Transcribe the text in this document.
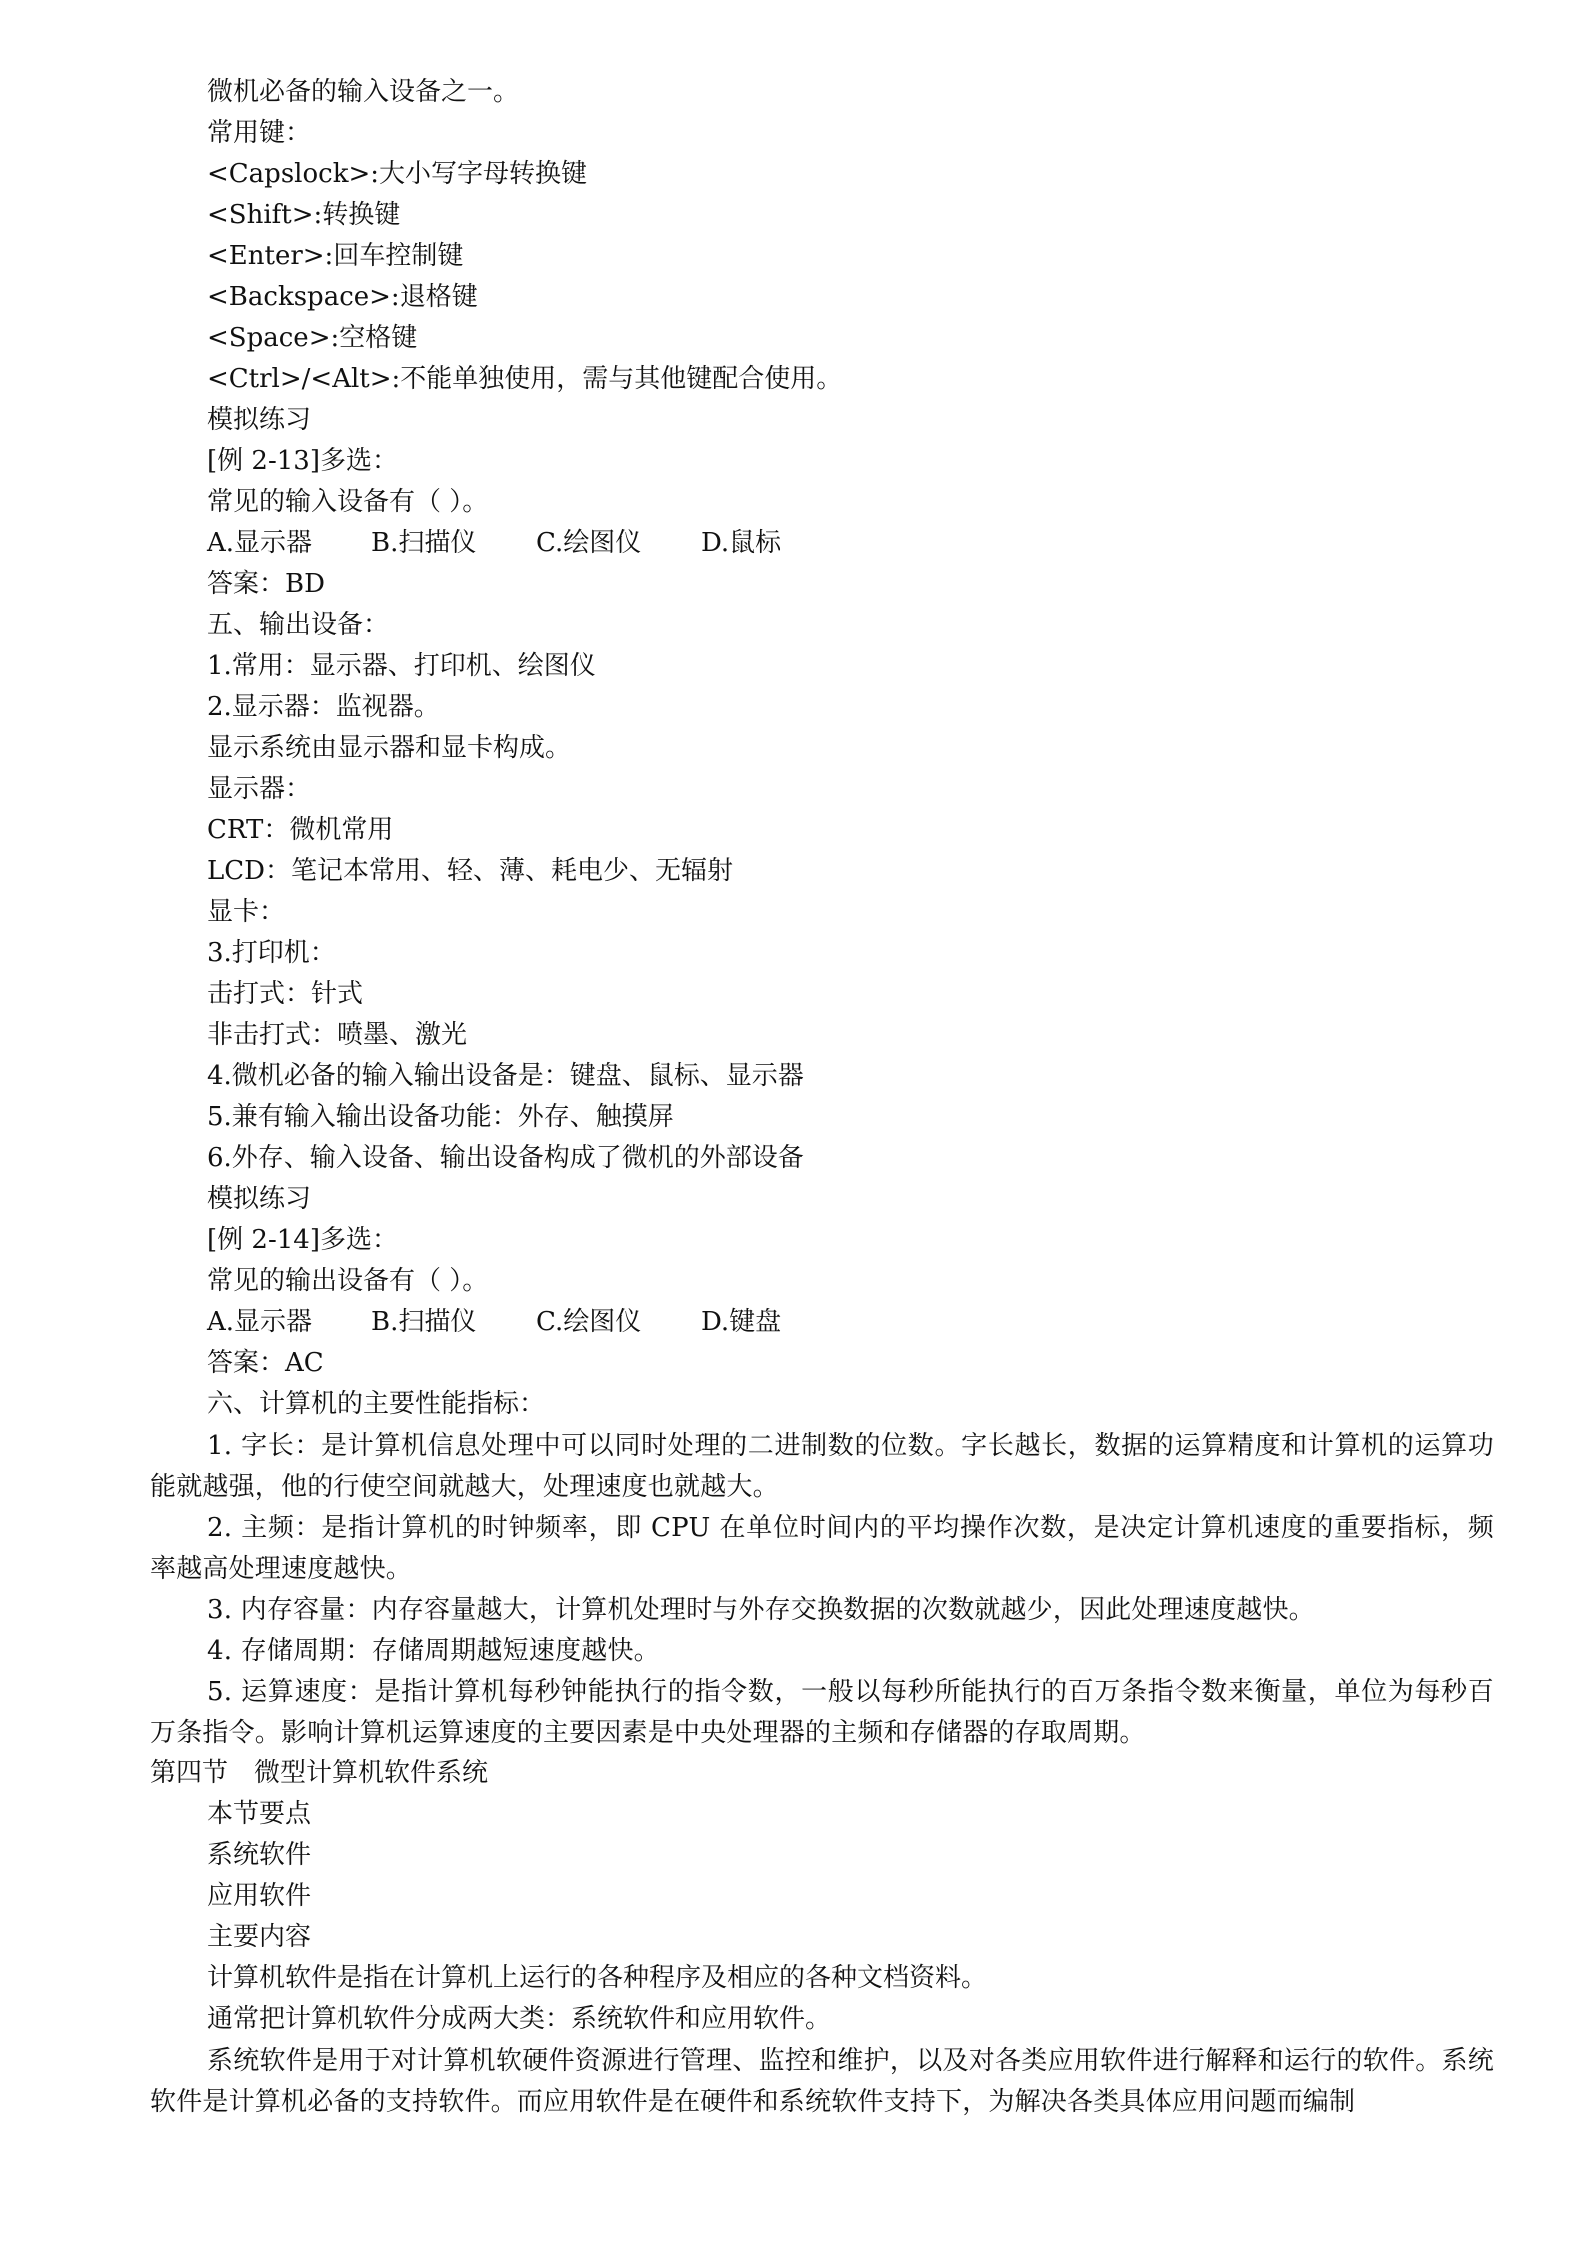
微机必备的输入设备之一。
常用键：
<Capslock>:大小写字母转换键
<Shift>:转换键
<Enter>:回车控制键
<Backspace>:退格键
<Space>:空格键
<Ctrl>/<Alt>:不能单独使用，需与其他键配合使用。
模拟练习
[例 2-13]多选：
常见的输入设备有（ ）。
A.显示器 B.扫描仪 C.绘图仪 D.鼠标
答案：BD
五、输出设备：
1.常用：显示器、打印机、绘图仪
2.显示器：监视器。
显示系统由显示器和显卡构成。
显示器：
CRT：微机常用
LCD：笔记本常用、轻、薄、耗电少、无辐射
显卡：
3.打印机：
击打式：针式
非击打式：喷墨、激光
4.微机必备的输入输出设备是：键盘、鼠标、显示器
5.兼有输入输出设备功能：外存、触摸屏
6.外存、输入设备、输出设备构成了微机的外部设备
模拟练习
[例 2-14]多选：
常见的输出设备有（ ）。
A.显示器 B.扫描仪 C.绘图仪 D.键盘
答案：AC
六、计算机的主要性能指标：
1. 字长：是计算机信息处理中可以同时处理的二进制数的位数。字长越长，数据的运算精度和计算机的运算功能就越强，他的行使空间就越大，处理速度也就越大。
2. 主频：是指计算机的时钟频率，即 CPU 在单位时间内的平均操作次数，是决定计算机速度的重要指标，频率越高处理速度越快。
3. 内存容量：内存容量越大，计算机处理时与外存交换数据的次数就越少，因此处理速度越快。
4. 存储周期：存储周期越短速度越快。
5. 运算速度：是指计算机每秒钟能执行的指令数，一般以每秒所能执行的百万条指令数来衡量，单位为每秒百万条指令。影响计算机运算速度的主要因素是中央处理器的主频和存储器的存取周期。
第四节　微型计算机软件系统
本节要点
系统软件
应用软件
主要内容
计算机软件是指在计算机上运行的各种程序及相应的各种文档资料。
通常把计算机软件分成两大类：系统软件和应用软件。
系统软件是用于对计算机软硬件资源进行管理、监控和维护，以及对各类应用软件进行解释和运行的软件。系统软件是计算机必备的支持软件。而应用软件是在硬件和系统软件支持下，为解决各类具体应用问题而编制
